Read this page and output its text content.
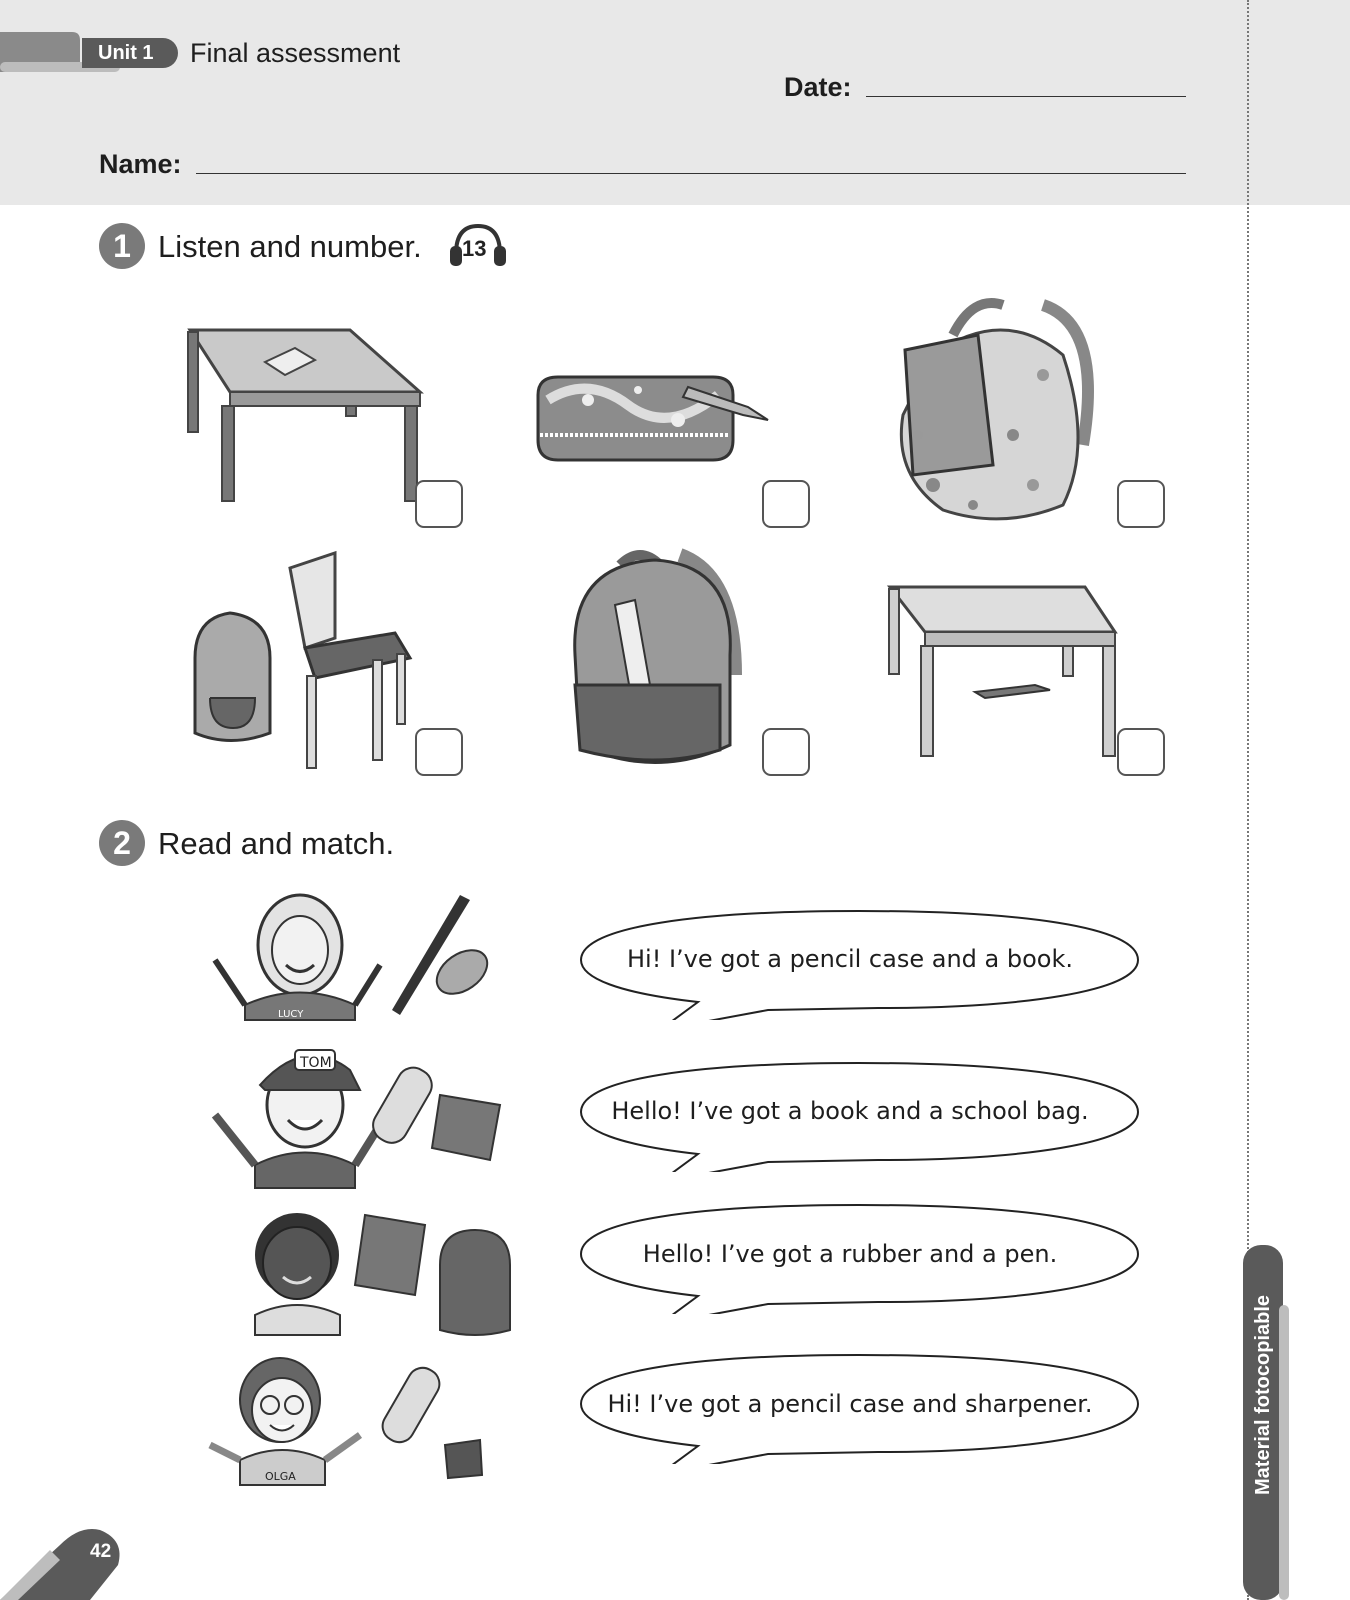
Unit 1	Final assessment
Date:
Name:
1 Listen and number. 13
2 Read and match.
LUCY
Hi! I’ve got a pencil case and a book.
TOM
Hello! I’ve got a book and a school bag.
Hello! I’ve got a rubber and a pen.
OLGA
Hi! I’ve got a pencil case and sharpener.
42
Material fotocopiable
